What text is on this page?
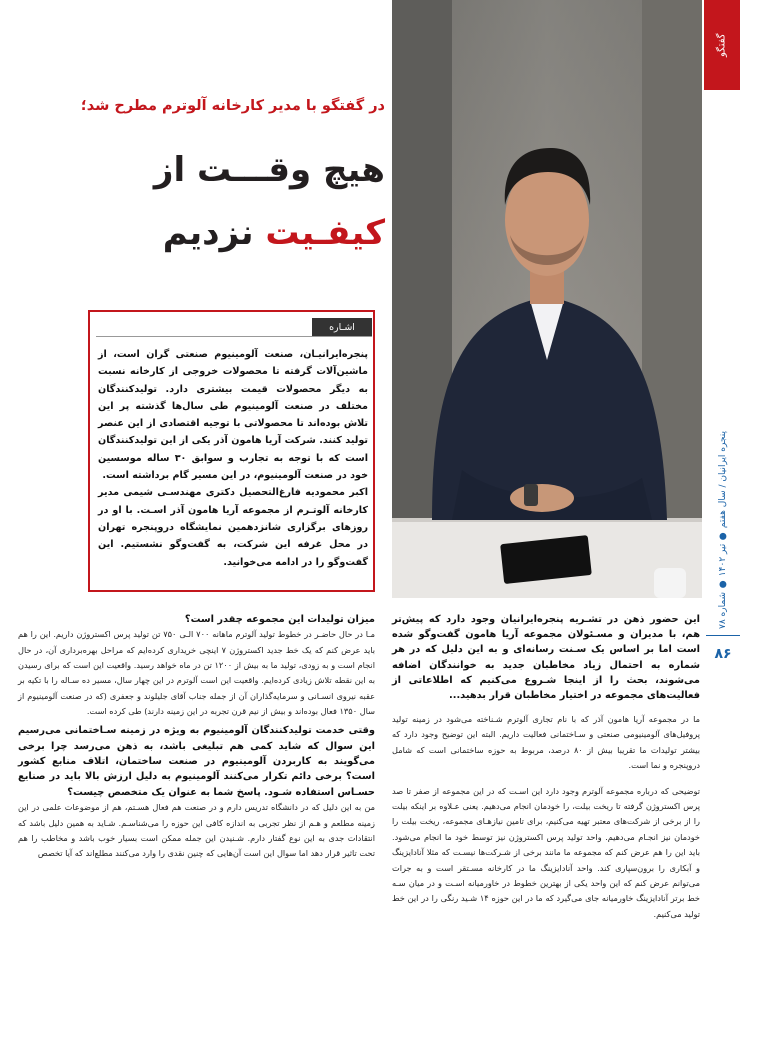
گفتگو
پنجره ایرانیان / سال هفتم ● تیر ۱۴۰۲ ● شماره ۷۸
۸۶
در گفتگو با مدیر کارخانه آلوترم مطرح شد؛
هیچ وقـــت از
کیفـیت نزدیم
اشـاره

پنجره‌ایرانیـان، صنعت آلومینیوم صنعتی گران است، از ماشین‌آلات گرفته تا محصولات خروجی از کارخانه نسبت به دیگر محصولات قیمت بیشتری دارد. تولیدکنندگان مختلف در صنعت آلومینیوم طی سال‌ها گذشته پر این تلاش بوده‌اند تا محصولاتی با توجیه اقتصادی از این عنصر تولید کنند. شرکت آریا هامون آذر یکی از این تولیدکنندگان است که با توجه به تجارب و سوابق ۳۰ ساله موسسین خود در صنعت آلومینیوم، در این مسیر گام برداشته است.

اکبر محمودیه فارغ‌التحصیل دکتری مهندسـی شیمی مدیر کارخانه آلوتـرم از مجموعه آریا هامون آذر اسـت. با او در روزهای برگزاری شانزدهمین نمایشگاه درو‌پنجره تهران در محل غرفه این شرکت، به گفت‌وگو نشستیم. این گفت‌وگو را در ادامه می‌خوانید.

این حضور ذهن در تشـریه پنجره‌ایرانیان وجود دارد که پیش‌تر هم، با مدیران و مسـئولان مجموعه آریا هامون گفت‌وگو شده است اما بر اساس یک سـنت رسانه‌ای و به این دلیل که در هر شماره به احتمال زیاد مخاطبان جدید به خوانندگان اضافه می‌شوند، بحث را از اینجا شـروع می‌کنیم که اطلاعاتی از فعالیت‌های مجموعه در اختیار مخاطبان قرار بدهید...

ما در مجموعه آریا هامون آذر که با نام تجاری آلوترم شـناخته می‌شود در زمینه تولید پروفیل‌های آلومینیومی صنعتی و سـاختمانی فعالیت داریم. البته این توضیح وجود دارد که بیشتر تولیدات ما تقریبا بیش از ۸۰ درصد، مربوط به حوزه ساختمانی است که شامل درو‌پنجره و نما است.

توضیحی که درباره مجموعه آلوترم وجود دارد این اسـت که در این مجموعه از صفر تا صد پرس اکستروژن گرفته تا ریخت بیلت، را خودمان انجام می‌دهیم. یعنی عـلاوه بر اینکه بیلت را از برخی از شرکت‌های معتبر تهیه می‌کنیم، برای تامین نیازهـای مجموعه، ریخت بیلت را خودمان نیز انجـام می‌دهیم. واحد تولید پرس اکستروژن نیز توسط خود ما انجام می‌شود. باید این را هم عرض کنم که مجموعه ما مانند برخی از شـرکت‌ها نیسـت که مثلا آنادایزینگ و آبکاری را برون‌سپاری کند. واحد آنادایزینگ ما در کارخانه مسـتقر است و به جرات می‌توانم عرض کنم که این واحد یکی از بهترین خطوط در خاورمیانه اسـت و در میان سـه خط برتر آنادایزینگ خاورمیانه جای می‌گیرد که ما در این حوزه ۱۴ شـید رنگی را در این خط تولید می‌کنیم.

میزان تولیدات این مجموعه چقدر است؟

مـا در حال حاضـر در خطوط تولید آلوترم ماهانه ۷۰۰ الـی ۷۵۰ تن تولید پرس اکستروژن داریم. این را هم باید عرض کنم که یک خط جدید اکستروژن ۷ اینچی خریداری کرده‌ایم که مراحل بهره‌برداری آن، در حال انجام است و به زودی، تولید ما به بیش از ۱۲۰۰ تن در ماه خواهد رسید. واقعیت این است که برای رسیدن به این نقطه تلاش زیادی کرده‌ایم. واقعیت این است آلوترم در این چهار سال، مسیر ده سـاله را با تکیه بر عقبه نیروی انسـانی و سرمایه‌گذاران آن از جمله جناب آقای جلیلوند و جعفری (که در صنعت آلومینیوم از سال ۱۳۵۰ فعال بوده‌اند و بیش از نیم قرن تجربه در این زمینه دارند) طی کرده است.

وقتی خدمت تولیدکنندگان آلومینیوم به ویژه در زمینه سـاختمانی می‌رسیم این سوال که شاید کمی هم تبلیغی باشد، به ذهن می‌رسد چرا برخی می‌گویند به کاربردن آلومینیوم در صنعت ساختمان، اتلاف منابع کشور است؟ برخی دائم تکرار می‌کنند آلومینیوم به دلیل ارزش بالا باید در صنایع حسـاس استفاده شـود. پاسخ شما به عنوان یک متخصص چیست؟

من به این دلیل که در دانشگاه تدریس دارم و در صنعت هم فعال هسـتم، هم از موضوعات علمی در این زمینه مطلعم و هـم از نظر تجربی به اندازه کافی این حوزه را می‌شناسـم. شـاید به همین دلیل باشد که انتقادات جدی به این نوع گفتار دارم. شـنیدن این جمله ممکن است بسیار خوب باشد و مخاطب را هم تحت تاثیر قرار دهد اما سوال این است آن‌هایی که چنین نقدی را وارد می‌کنند مطلع‌اند که آیا تخصص
